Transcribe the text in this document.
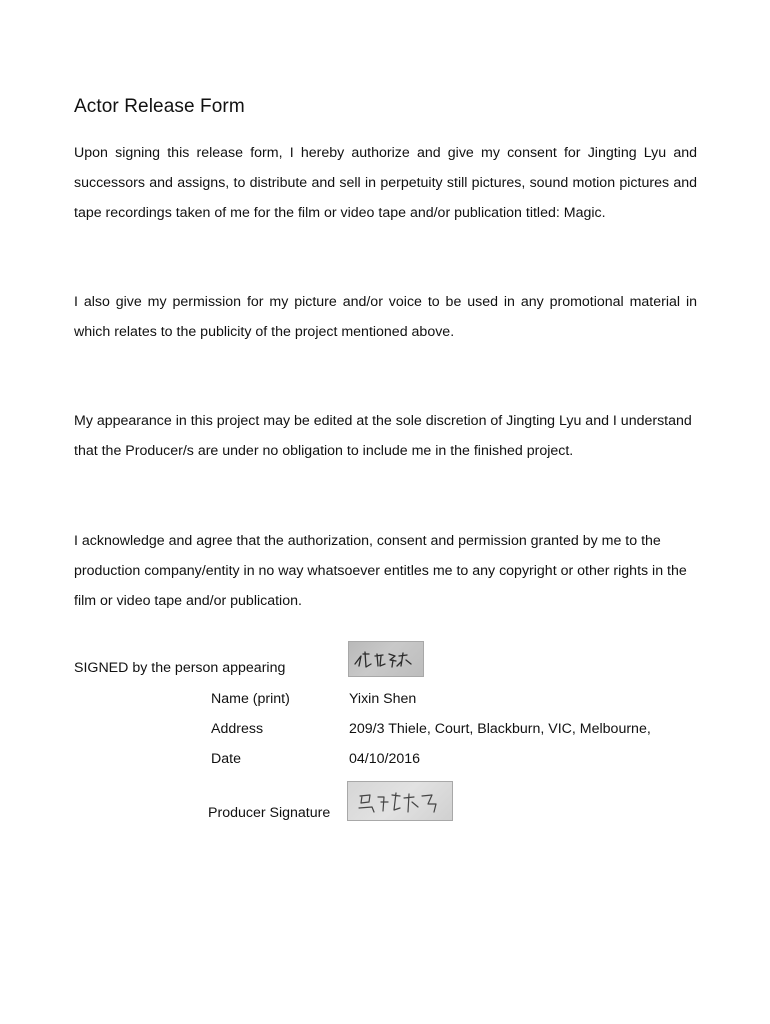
Actor Release Form

Upon signing this release form, I hereby authorize and give my consent for Jingting Lyu and successors and assigns, to distribute and sell in perpetuity still pictures, sound motion pictures and tape recordings taken of me for the film or video tape and/or publication titled: Magic.

I also give my permission for my picture and/or voice to be used in any promotional material in which relates to the publicity of the project mentioned above.

My appearance in this project may be edited at the sole discretion of Jingting Lyu and I understand that the Producer/s are under no obligation to include me in the finished project.

I acknowledge and agree that the authorization, consent and permission granted by me to the production company/entity in no way whatsoever entitles me to any copyright or other rights in the film or video tape and/or publication.

SIGNED by the person appearing
Name (print)	Yixin Shen
Address	209/3 Thiele, Court, Blackburn, VIC, Melbourne,
Date	04/10/2016
Producer Signature
